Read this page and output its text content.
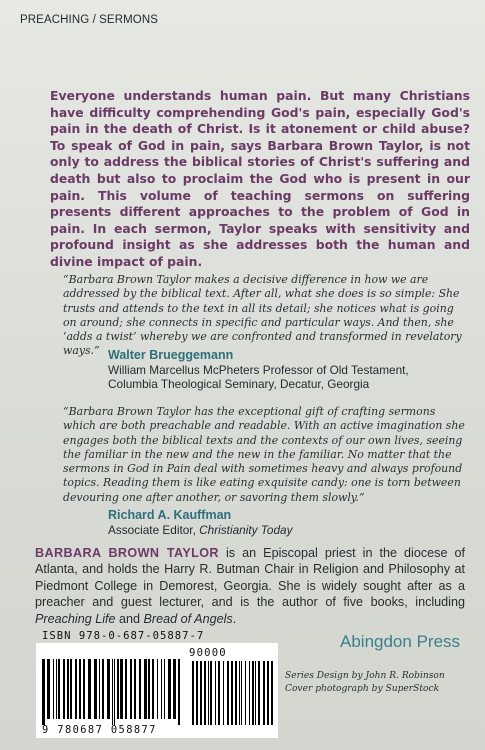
PREACHING / SERMONS

Everyone understands human pain. But many Christians have difficulty comprehending God's pain, especially God's pain in the death of Christ. Is it atonement or child abuse? To speak of God in pain, says Barbara Brown Taylor, is not only to address the biblical stories of Christ's suffering and death but also to proclaim the God who is present in our pain. This volume of teaching sermons on suffering presents different approaches to the problem of God in pain. In each sermon, Taylor speaks with sensitivity and profound insight as she addresses both the human and divine impact of pain.

“Barbara Brown Taylor makes a decisive difference in how we are addressed by the biblical text. After all, what she does is so simple: She trusts and attends to the text in all its detail; she notices what is going on around; she connects in specific and particular ways. And then, she ‘adds a twist’ whereby we are confronted and transformed in revelatory ways.” Walter Brueggemann
William Marcellus McPheters Professor of Old Testament,
Columbia Theological Seminary, Decatur, Georgia

“Barbara Brown Taylor has the exceptional gift of crafting sermons which are both preachable and readable. With an active imagination she engages both the biblical texts and the contexts of our own lives, seeing the familiar in the new and the new in the familiar. No matter that the sermons in God in Pain deal with sometimes heavy and always profound topics. Reading them is like eating exquisite candy: one is torn between devouring one after another, or savoring them slowly.”

Richard A. Kauffman
Associate Editor, Christianity Today

BARBARA BROWN TAYLOR is an Episcopal priest in the diocese of Atlanta, and holds the Harry R. Butman Chair in Religion and Philosophy at Piedmont College in Demorest, Georgia. She is widely sought after as a preacher and guest lecturer, and is the author of five books, including Preaching Life and Bread of Angels.

ISBN 978-0-687-05887-7
90000
9 780687 058877
Abingdon Press
Series Design by John R. Robinson
Cover photograph by SuperStock
